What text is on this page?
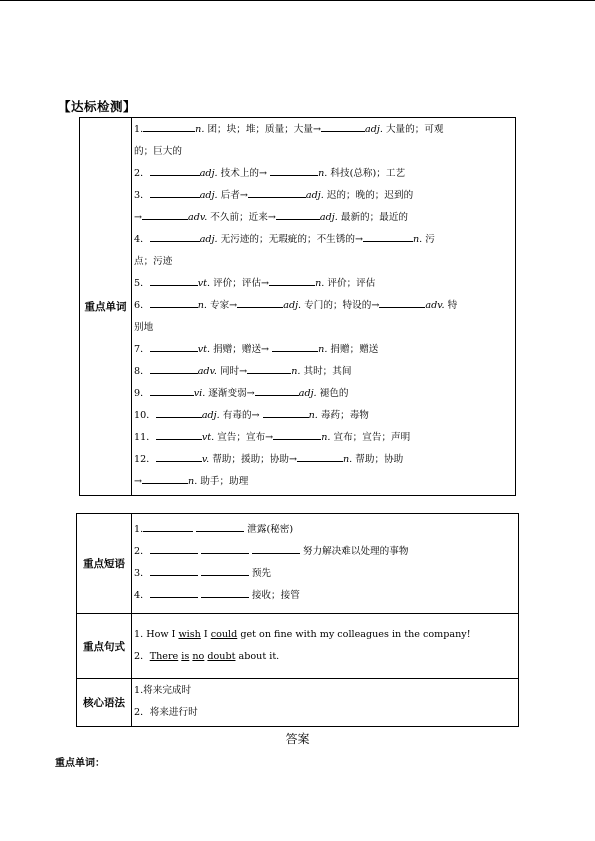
【达标检测】
重点单词	
1.	n. 团；块；堆；质量；大量→	adj. 大量的；可观
的；巨大的
2．	adj. 技术上的→	n. 科技(总称)；工艺
3．	adj. 后者→	adj. 迟的；晚的；迟到的
→	adv. 不久前；近来→	adj. 最新的；最近的
4．	adj. 无污迹的；无瑕疵的；不生锈的→	n. 污
点；污迹
5．	vt. 评价；评估→	n. 评价；评估
6．	n. 专家→	adj. 专门的；特设的→	adv. 特
别地
7．	vt. 捐赠；赠送→	n. 捐赠；赠送
8．	adv. 同时→	n. 其时；其间
9．	vi. 逐渐变弱→	adj. 褪色的
10．	adj. 有毒的→	n. 毒药；毒物
11．	vt. 宣告；宣布→	n. 宣布；宣告；声明
12．	v. 帮助；援助；协助→	n. 帮助；协助
→	n. 助手；助理
重点短语	1. 泄露(秘密)
2． 努力解决难以处理的事物
3． 预先
4． 接收；接管

重点句式	1. How I wish I could get on fine with my colleagues in the company!
2．There is no doubt about it.

核心语法	1.将来完成时
2．将来进行时
答案
重点单词：
